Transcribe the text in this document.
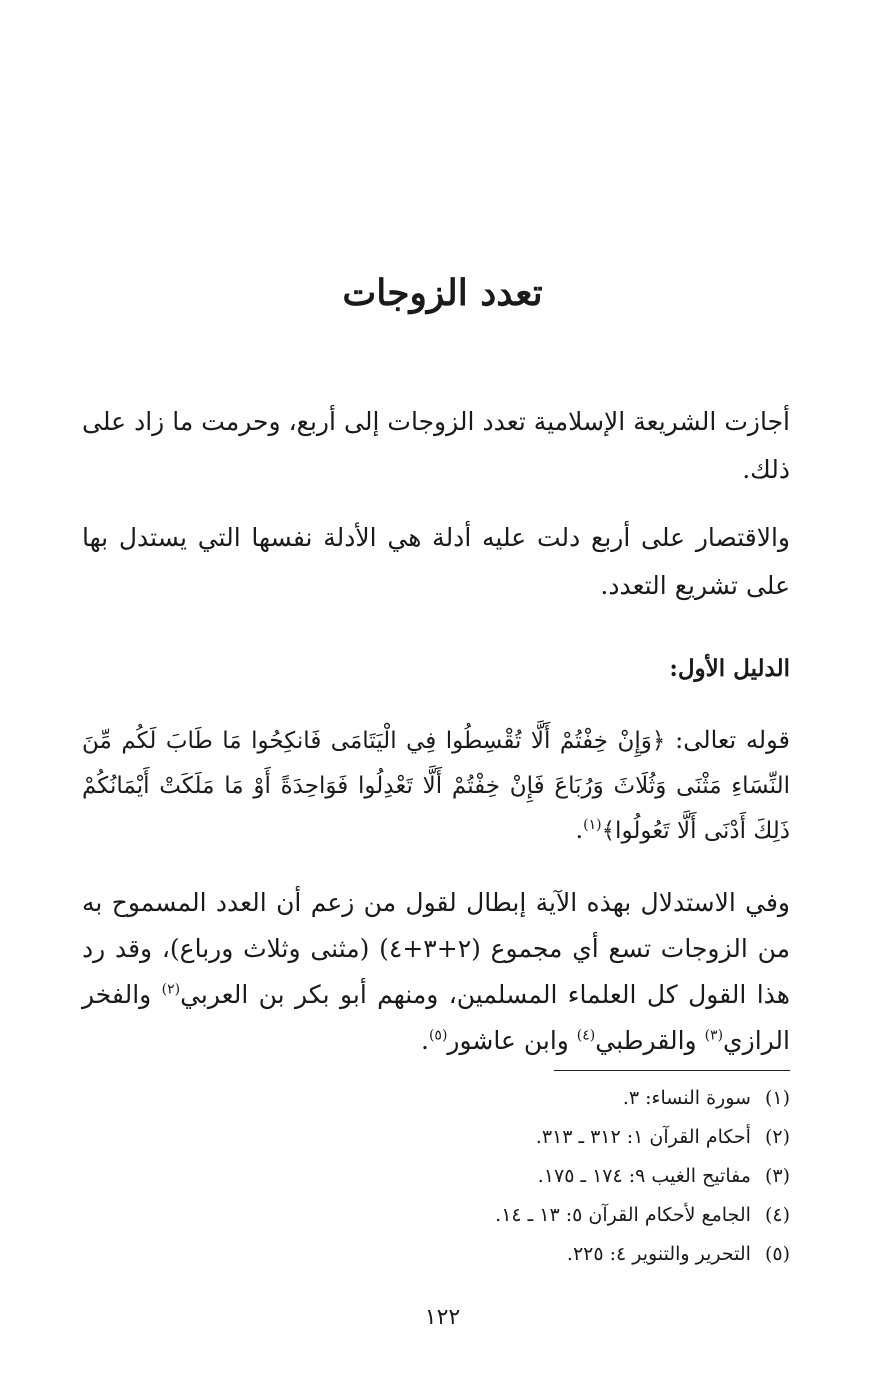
تعدد الزوجات

أجازت الشريعة الإسلامية تعدد الزوجات إلى أربع، وحرمت ما زاد على ذلك.

والاقتصار على أربع دلت عليه أدلة هي الأدلة نفسها التي يستدل بها على تشريع التعدد.

الدليل الأول:

قوله تعالى: ﴿وَإِنْ خِفْتُمْ أَلَّا تُقْسِطُوا فِي الْيَتَامَى فَانكِحُوا مَا طَابَ لَكُم مِّنَ النِّسَاءِ مَثْنَى وَثُلَاثَ وَرُبَاعَ فَإِنْ خِفْتُمْ أَلَّا تَعْدِلُوا فَوَاحِدَةً أَوْ مَا مَلَكَتْ أَيْمَانُكُمْ ذَلِكَ أَدْنَى أَلَّا تَعُولُوا﴾$^{(١)}$.

وفي الاستدلال بهذه الآية إبطال لقول من زعم أن العدد المسموح به من الزوجات تسع أي مجموع (٢+٣+٤) (مثنى وثلاث ورباع)، وقد رد هذا القول كل العلماء المسلمين، ومنهم أبو بكر بن العربي$^{(٢)}$ والفخر الرازي$^{(٣)}$ والقرطبي$^{(٤)}$ وابن عاشور$^{(٥)}$.

(١)سورة النساء: ٣.
(٢)أحكام القرآن ١: ٣١٢ ـ ٣١٣.
(٣)مفاتيح الغيب ٩: ١٧٤ ـ ١٧٥.
(٤)الجامع لأحكام القرآن ٥: ١٣ ـ ١٤.
(٥)التحرير والتنوير ٤: ٢٢٥.

١٢٢
